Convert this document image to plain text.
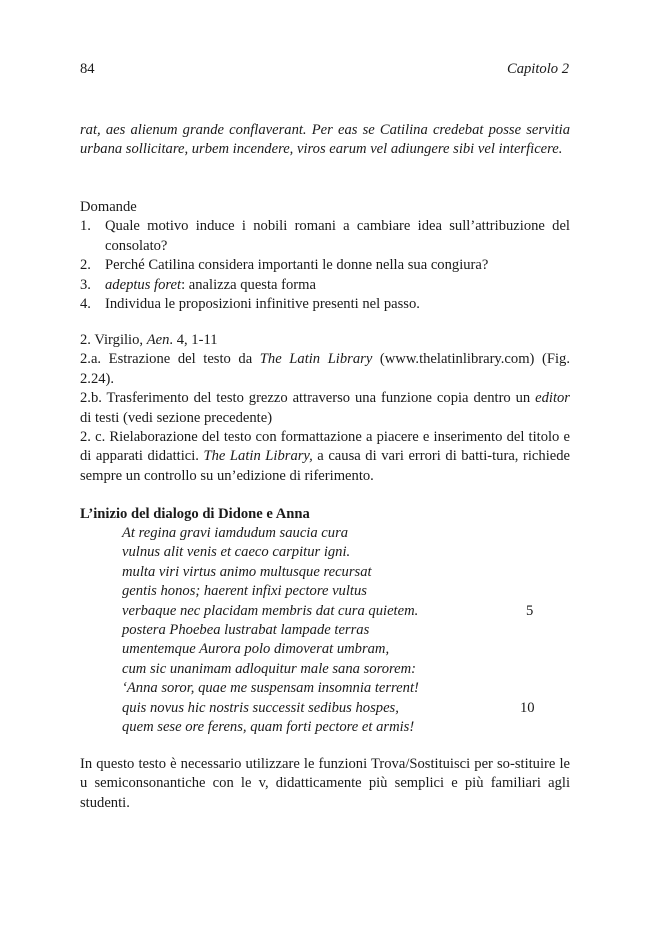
84	Capitolo 2

rat, aes alienum grande conflaverant. Per eas se Catilina credebat posse servitia urbana sollicitare, urbem incendere, viros earum vel adiungere sibi vel interficere.

Domande
1. Quale motivo induce i nobili romani a cambiare idea sull’attribuzione del consolato?
2. Perché Catilina considera importanti le donne nella sua congiura?
3. adeptus foret: analizza questa forma
4. Individua le proposizioni infinitive presenti nel passo.

2. Virgilio, Aen. 4, 1-11

2.a. Estrazione del testo da The Latin Library (www.thelatinlibrary.com) (Fig. 2.24).

2.b. Trasferimento del testo grezzo attraverso una funzione copia dentro un editor di testi (vedi sezione precedente)

2. c. Rielaborazione del testo con formattazione a piacere e inserimento del titolo e di apparati didattici. The Latin Library, a causa di vari errori di batti-tura, richiede sempre un controllo su un’edizione di riferimento.

L’inizio del dialogo di Didone e Anna
At regina gravi iamdudum saucia cura
vulnus alit venis et caeco carpitur igni.
multa viri virtus animo multusque recursat
gentis honos; haerent infixi pectore vultus
verbaque nec placidam membris dat cura quietem.	5
postera Phoebea lustrabat lampade terras
umentemque Aurora polo dimoverat umbram,
cum sic unanimam adloquitur male sana sororem:
‘Anna soror, quae me suspensam insomnia terrent!
quis novus hic nostris successit sedibus hospes,	10
quem sese ore ferens, quam forti pectore et armis!

In questo testo è necessario utilizzare le funzioni Trova/Sostituisci per so-stituire le u semiconsonantiche con le v, didatticamente più semplici e più familiari agli studenti.
